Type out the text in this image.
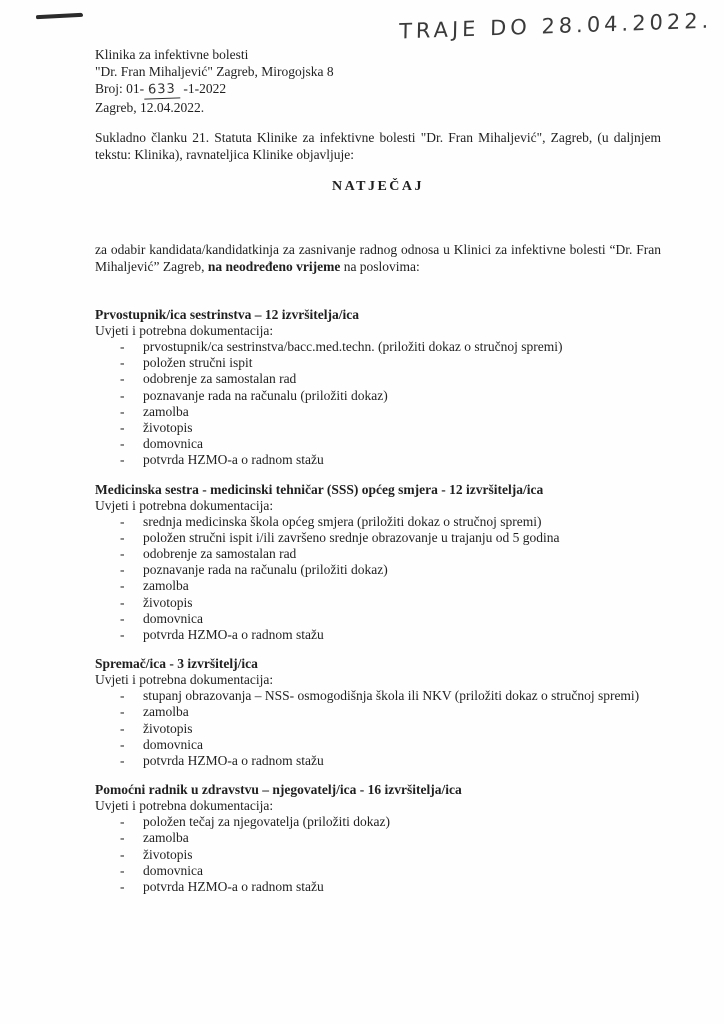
TRAJE DO 28.04.2022.
Klinika za infektivne bolesti
"Dr. Fran Mihaljević" Zagreb, Mirogojska 8
Broj: 01- 633 -1-2022
Zagreb, 12.04.2022.
Sukladno članku 21. Statuta Klinike za infektivne bolesti "Dr. Fran Mihaljević", Zagreb, (u daljnjem tekstu: Klinika), ravnateljica Klinike objavljuje:
NATJEČAJ
za odabir kandidata/kandidatkinja za zasnivanje radnog odnosa u Klinici za infektivne bolesti “Dr. Fran Mihaljević” Zagreb, na neodređeno vrijeme na poslovima:
Prvostupnik/ica sestrinstva – 12 izvršitelja/ica
Uvjeti i potrebna dokumentacija:
-	prvostupnik/ca sestrinstva/bacc.med.techn. (priložiti dokaz o stručnoj spremi)
-	položen stručni ispit
-	odobrenje za samostalan rad
-	poznavanje rada na računalu (priložiti dokaz)
-	zamolba
-	životopis
-	domovnica
-	potvrda HZMO-a o radnom stažu
Medicinska sestra - medicinski tehničar (SSS) općeg smjera - 12 izvršitelja/ica
Uvjeti i potrebna dokumentacija:
-	srednja medicinska škola općeg smjera (priložiti dokaz o stručnoj spremi)
-	položen stručni ispit i/ili završeno srednje obrazovanje u trajanju od 5 godina
-	odobrenje za samostalan rad
-	poznavanje rada na računalu (priložiti dokaz)
-	zamolba
-	životopis
-	domovnica
-	potvrda HZMO-a o radnom stažu
Spremač/ica - 3 izvršitelj/ica
Uvjeti i potrebna dokumentacija:
-	stupanj obrazovanja – NSS- osmogodišnja škola ili NKV (priložiti dokaz o stručnoj spremi)
-	zamolba
-	životopis
-	domovnica
-	potvrda HZMO-a o radnom stažu
Pomoćni radnik u zdravstvu – njegovatelj/ica - 16 izvršitelja/ica
Uvjeti i potrebna dokumentacija:
-	položen tečaj za njegovatelja (priložiti dokaz)
-	zamolba
-	životopis
-	domovnica
-	potvrda HZMO-a o radnom stažu
